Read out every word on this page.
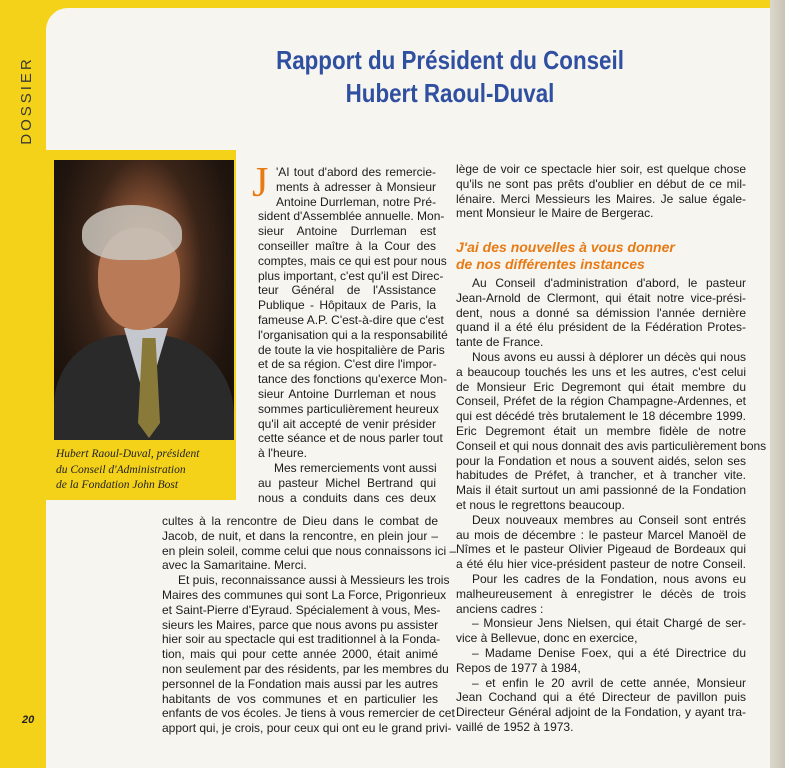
DOSSIER	Rapport du Président du Conseil
Hubert Raoul-Duval
Hubert Raoul-Duval, président
du Conseil d'Administration
de la Fondation John Bost
J 'AI tout d'abord des remercie-
ments à adresser à Monsieur
Antoine Durrleman, notre Pré-
sident d'Assemblée annuelle. Mon-
sieur Antoine Durrleman est
conseiller maître à la Cour des
comptes, mais ce qui est pour nous
plus important, c'est qu'il est Direc-
teur Général de l'Assistance
Publique - Hôpitaux de Paris, la
fameuse A.P. C'est-à-dire que c'est
l'organisation qui a la responsabilité
de toute la vie hospitalière de Paris
et de sa région. C'est dire l'impor-
tance des fonctions qu'exerce Mon-
sieur Antoine Durrleman et nous
sommes particulièrement heureux
qu'il ait accepté de venir présider
cette séance et de nous parler tout
à l'heure.
Mes remerciements vont aussi
au pasteur Michel Bertrand qui
nous a conduits dans ces deux
cultes à la rencontre de Dieu dans le combat de
Jacob, de nuit, et dans la rencontre, en plein jour –
en plein soleil, comme celui que nous connaissons ici –
avec la Samaritaine. Merci.
Et puis, reconnaissance aussi à Messieurs les trois
Maires des communes qui sont La Force, Prigonrieux
et Saint-Pierre d'Eyraud. Spécialement à vous, Mes-
sieurs les Maires, parce que nous avons pu assister
hier soir au spectacle qui est traditionnel à la Fonda-
tion, mais qui pour cette année 2000, était animé
non seulement par des résidents, par les membres du
personnel de la Fondation mais aussi par les autres
habitants de vos communes et en particulier les
enfants de vos écoles. Je tiens à vous remercier de cet
apport qui, je crois, pour ceux qui ont eu le grand privi-
lège de voir ce spectacle hier soir, est quelque chose
qu'ils ne sont pas prêts d'oublier en début de ce mil-
lénaire. Merci Messieurs les Maires. Je salue égale-
ment Monsieur le Maire de Bergerac.
J'ai des nouvelles à vous donner
de nos différentes instances
Au Conseil d'administration d'abord, le pasteur
Jean-Arnold de Clermont, qui était notre vice-prési-
dent, nous a donné sa démission l'année dernière
quand il a été élu président de la Fédération Protes-
tante de France.
Nous avons eu aussi à déplorer un décès qui nous
a beaucoup touchés les uns et les autres, c'est celui
de Monsieur Eric Degremont qui était membre du
Conseil, Préfet de la région Champagne-Ardennes, et
qui est décédé très brutalement le 18 décembre 1999.
Eric Degremont était un membre fidèle de notre
Conseil et qui nous donnait des avis particulièrement bons
pour la Fondation et nous a souvent aidés, selon ses
habitudes de Préfet, à trancher, et à trancher vite.
Mais il était surtout un ami passionné de la Fondation
et nous le regrettons beaucoup.
Deux nouveaux membres au Conseil sont entrés
au mois de décembre : le pasteur Marcel Manoël de
Nîmes et le pasteur Olivier Pigeaud de Bordeaux qui
a été élu hier vice-président pasteur de notre Conseil.
Pour les cadres de la Fondation, nous avons eu
malheureusement à enregistrer le décès de trois
anciens cadres :
– Monsieur Jens Nielsen, qui était Chargé de ser-
vice à Bellevue, donc en exercice,
– Madame Denise Foex, qui a été Directrice du
Repos de 1977 à 1984,
– et enfin le 20 avril de cette année, Monsieur
Jean Cochand qui a été Directeur de pavillon puis
Directeur Général adjoint de la Fondation, y ayant tra-
vaillé de 1952 à 1973.
20
